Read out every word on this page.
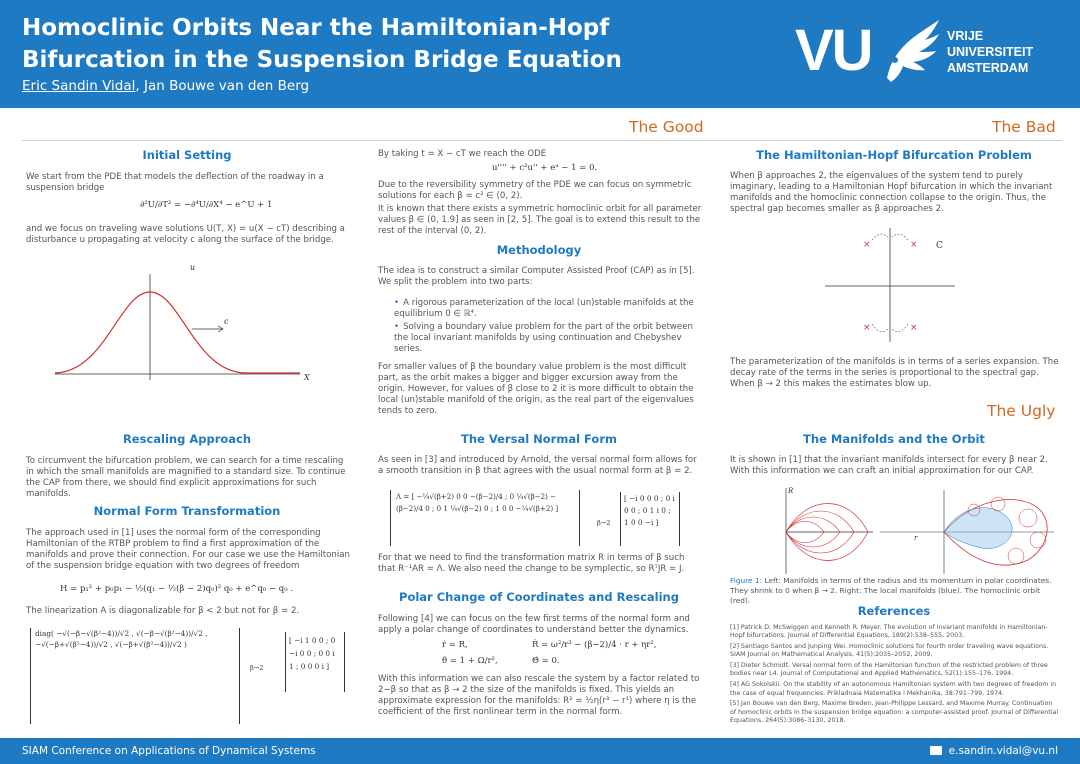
Homoclinic Orbits Near the Hamiltonian-Hopf Bifurcation in the Suspension Bridge Equation
Eric Sandin Vidal, Jan Bouwe van den Berg
VU	VRIJE
UNIVERSITEIT
AMSTERDAM
The Good	The Bad
The Ugly
Initial Setting
We start from the PDE that models the deflection of the roadway in a suspension bridge
∂²U/∂T² = −∂⁴U/∂X⁴ − e^U + 1
and we focus on traveling wave solutions U(T, X) = u(X − cT) describing a disturbance u propagating at velocity c along the surface of the bridge.
u
c
X
Rescaling Approach
To circumvent the bifurcation problem, we can search for a time rescaling in which the small manifolds are magnified to a standard size. To continue the CAP from there, we should find explicit approximations for such manifolds.
Normal Form Transformation
The approach used in [1] uses the normal form of the corresponding Hamiltonian of the RTBP problem to find a first approximation of the manifolds and prove their connection. For our case we use the Hamiltonian of the suspension bridge equation with two degrees of freedom
H = p₁² + p₀p₁ − ½(q₁ − ½(β − 2)q₀)² q₀ + e^q₀ − q₀ .
The linearization A is diagonalizable for β < 2 but not for β = 2.
diag( −√(−β−√(β²−4))/√2 , √(−β−√(β²−4))/√2 , −√(−β+√(β²−4))/√2 , √(−β+√(β²−4))/√2 )
β→2
[ −i 1 0 0 ; 0 −i 0 0 ; 0 0 i 1 ; 0 0 0 i ]
By taking t = X − cT we reach the ODE
u'''' + c²u'' + eᵘ − 1 = 0.
Due to the reversibility symmetry of the PDE we can focus on symmetric solutions for each β = c² ∈ (0, 2).
It is known that there exists a symmetric homoclinic orbit for all parameter values β ∈ (0, 1.9] as seen in [2, 5]. The goal is to extend this result to the rest of the interval (0, 2).
Methodology
The idea is to construct a similar Computer Assisted Proof (CAP) as in [5]. We split the problem into two parts:
• A rigorous parameterization of the local (un)stable manifolds at the equilibrium 0 ∈ ℝ⁴.
• Solving a boundary value problem for the part of the orbit between the local invariant manifolds by using continuation and Chebyshev series.
For smaller values of β the boundary value problem is the most difficult part, as the orbit makes a bigger and bigger excursion away from the origin. However, for values of β close to 2 it is more difficult to obtain the local (un)stable manifold of the origin, as the real part of the eigenvalues tends to zero.
The Versal Normal Form
As seen in [3] and introduced by Arnold, the versal normal form allows for a smooth transition in β that agrees with the usual normal form at β = 2.
Λ = [ −¼√(β+2) 0 0 −(β−2)/4 ; 0 ¼√(β−2) −(β−2)/4 0 ; 0 1 ¼√(β−2) 0 ; 1 0 0 −¼√(β+2) ]
β→2
[ −i 0 0 0 ; 0 i 0 0 ; 0 1 i 0 ; 1 0 0 −i ]
For that we need to find the transformation matrix R in terms of β such that R⁻¹AR = Λ. We also need the change to be symplectic, so RᵀJR = J.
Polar Change of Coordinates and Rescaling
Following [4] we can focus on the few first terms of the normal form and apply a polar change of coordinates to understand better the dynamics.
ṙ = R,
θ̇ = 1 + Ω/r²,
Ṙ = ω²/r³ − (β−2)/4 · r + ηr²,
Θ̇ = 0.
With this information we can also rescale the system by a factor related to 2−β so that as β → 2 the size of the manifolds is fixed. This yields an approximate expression for the manifolds: R² = ½η(r³ − r¹) where η is the coefficient of the first nonlinear term in the normal form.
The Hamiltonian-Hopf Bifurcation Problem
When β approaches 2, the eigenvalues of the system tend to purely imaginary, leading to a Hamiltonian Hopf bifurcation in which the invariant manifolds and the homoclinic connection collapse to the origin. Thus, the spectral gap becomes smaller as β approaches 2.
×	×
×	×
C
The parameterization of the manifolds is in terms of a series expansion. The decay rate of the terms in the series is proportional to the spectral gap. When β → 2 this makes the estimates blow up.
The Manifolds and the Orbit
It is shown in [1] that the invariant manifolds intersect for every β near 2. With this information we can craft an initial approximation for our CAP.
R
r
Figure 1: Left: Manifolds in terms of the radius and its momentum in polar coordinates. They shrink to 0 when β → 2. Right: The local manifolds (blue). The homoclinic orbit (red).
References
[1] Patrick D. McSwiggen and Kenneth R. Meyer. The evolution of invariant manifolds in Hamiltonian-Hopf bifurcations. Journal of Differential Equations, 189(2):538–555, 2003.
[2] Santiago Santos and Junping Wei. Homoclinic solutions for fourth order traveling wave equations. SIAM Journal on Mathematical Analysis, 41(5):2035–2052, 2009.
[3] Dieter Schmidt. Versal normal form of the Hamiltonian function of the restricted problem of three bodies near L4. Journal of Computational and Applied Mathematics, 52(1):155–176, 1994.
[4] AG Sokolskii. On the stability of an autonomous Hamiltonian system with two degrees of freedom in the case of equal frequencies. Prikladnaia Matematika i Mekhanika, 38:791–799, 1974.
[5] Jan Bouwe van den Berg, Maxime Breden, Jean-Philippe Lessard, and Maxime Murray. Continuation of homoclinic orbits in the suspension bridge equation: a computer-assisted proof. Journal of Differential Equations, 264(5):3086–3130, 2018.
SIAM Conference on Applications of Dynamical Systems	e.sandin.vidal@vu.nl
